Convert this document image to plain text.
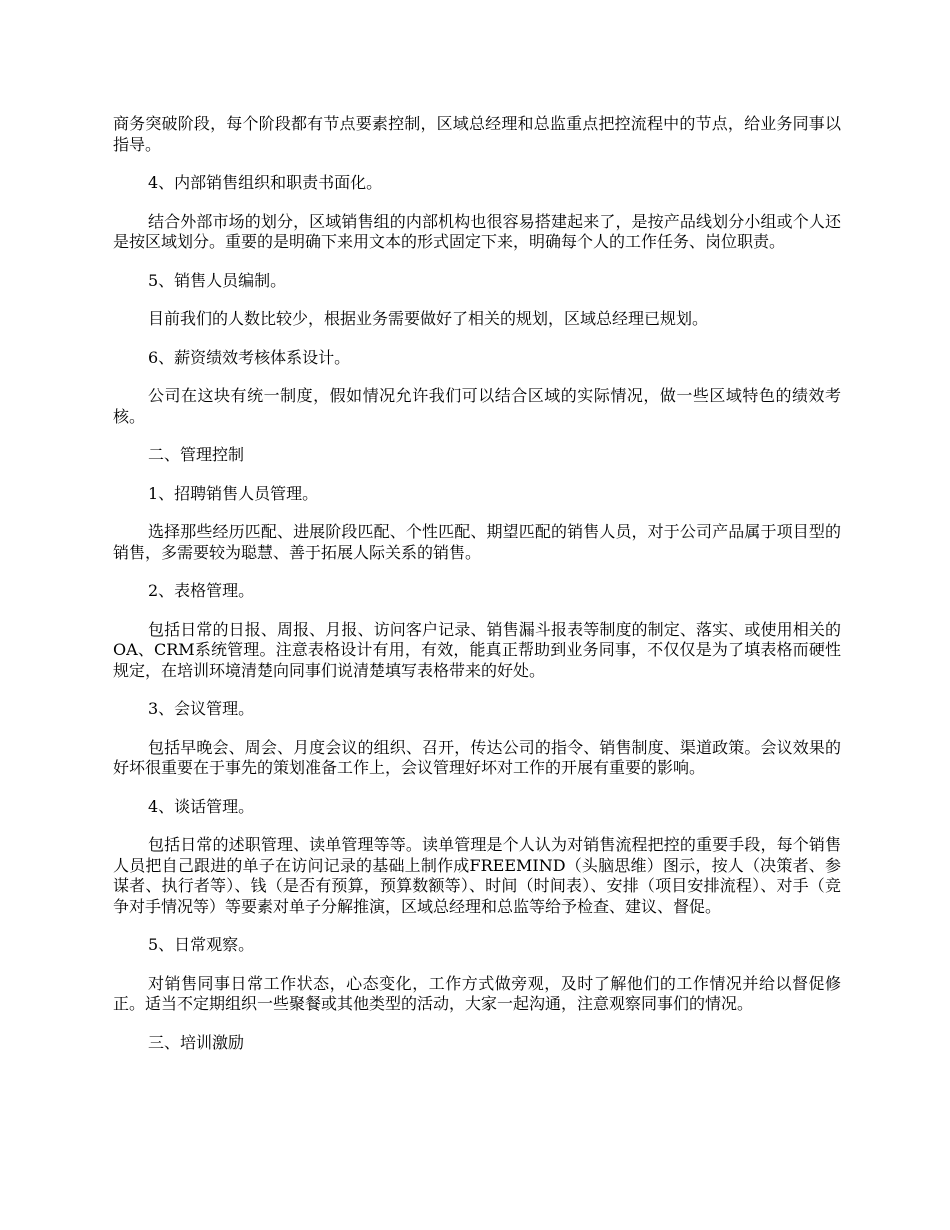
商务突破阶段，每个阶段都有节点要素控制，区域总经理和总监重点把控流程中的节点，给业务同事以指导。

4、内部销售组织和职责书面化。

结合外部市场的划分，区域销售组的内部机构也很容易搭建起来了，是按产品线划分小组或个人还是按区域划分。重要的是明确下来用文本的形式固定下来，明确每个人的工作任务、岗位职责。

5、销售人员编制。

目前我们的人数比较少，根据业务需要做好了相关的规划，区域总经理已规划。

6、薪资绩效考核体系设计。

公司在这块有统一制度，假如情况允许我们可以结合区域的实际情况，做一些区域特色的绩效考核。

二、管理控制

1、招聘销售人员管理。

选择那些经历匹配、进展阶段匹配、个性匹配、期望匹配的销售人员，对于公司产品属于项目型的销售，多需要较为聪慧、善于拓展人际关系的销售。

2、表格管理。

包括日常的日报、周报、月报、访问客户记录、销售漏斗报表等制度的制定、落实、或使用相关的OA、CRM系统管理。注意表格设计有用，有效，能真正帮助到业务同事，不仅仅是为了填表格而硬性规定，在培训环境清楚向同事们说清楚填写表格带来的好处。

3、会议管理。

包括早晚会、周会、月度会议的组织、召开，传达公司的指令、销售制度、渠道政策。会议效果的好坏很重要在于事先的策划准备工作上，会议管理好坏对工作的开展有重要的影响。

4、谈话管理。

包括日常的述职管理、读单管理等等。读单管理是个人认为对销售流程把控的重要手段，每个销售人员把自己跟进的单子在访问记录的基础上制作成FREEMIND（头脑思维）图示，按人（决策者、参谋者、执行者等）、钱（是否有预算，预算数额等）、时间（时间表）、安排（项目安排流程）、对手（竞争对手情况等）等要素对单子分解推演，区域总经理和总监等给予检查、建议、督促。

5、日常观察。

对销售同事日常工作状态，心态变化，工作方式做旁观，及时了解他们的工作情况并给以督促修正。适当不定期组织一些聚餐或其他类型的活动，大家一起沟通，注意观察同事们的情况。

三、培训激励
